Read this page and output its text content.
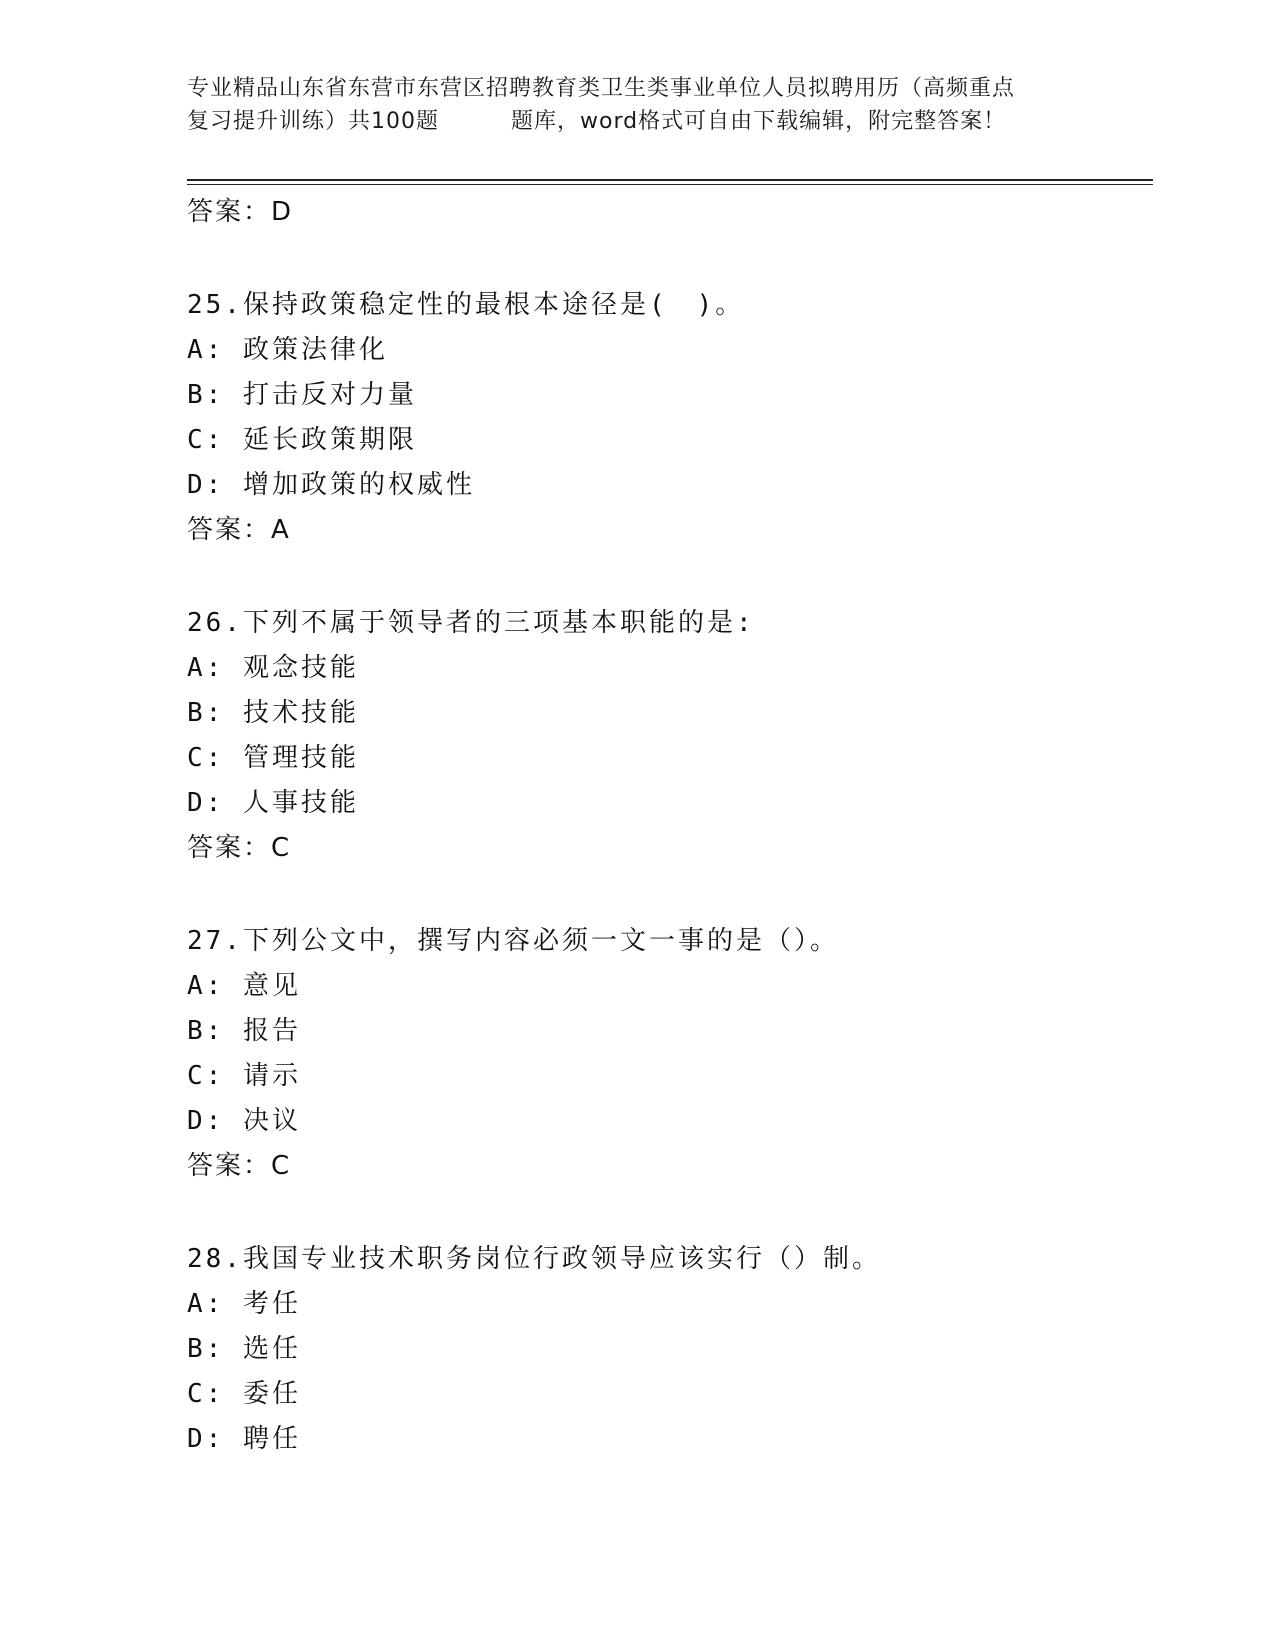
专业精品山东省东营市东营区招聘教育类卫生类事业单位人员拟聘用历（高频重点
复习提升训练）共100题	题库，word格式可自由下载编辑，附完整答案！
答案：D
25.保持政策稳定性的最根本途径是(　)。
A: 政策法律化
B: 打击反对力量
C: 延长政策期限
D: 增加政策的权威性
答案：A
26.下列不属于领导者的三项基本职能的是:
A: 观念技能
B: 技术技能
C: 管理技能
D: 人事技能
答案：C
27.下列公文中，撰写内容必须一文一事的是（）。
A: 意见
B: 报告
C: 请示
D: 决议
答案：C
28.我国专业技术职务岗位行政领导应该实行（）制。
A: 考任
B: 选任
C: 委任
D: 聘任
